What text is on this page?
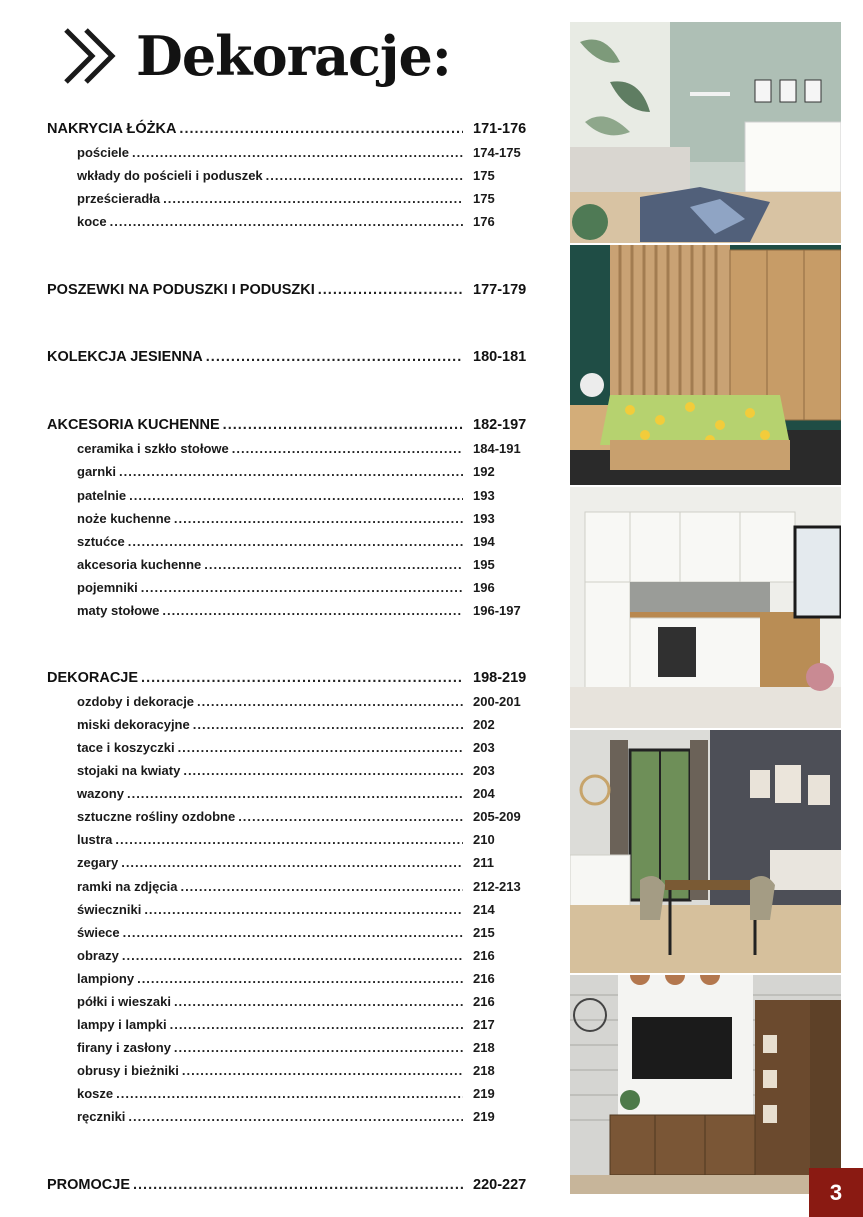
Dekoracje:
NAKRYCIA ŁÓŻKA .....	171-176
pościele .....	174-175
wkłady do pościeli i poduszek .....	175
prześcieradła .....	175
koce .....	176
POSZEWKI NA PODUSZKI I PODUSZKI .....	177-179
KOLEKCJA JESIENNA .....	180-181
AKCESORIA KUCHENNE .....	182-197
ceramika i szkło stołowe .....	184-191
garnki .....	192
patelnie .....	193
noże kuchenne .....	193
sztućce .....	194
akcesoria kuchenne .....	195
pojemniki .....	196
maty stołowe .....	196-197
DEKORACJE .....	198-219
ozdoby i dekoracje .....	200-201
miski dekoracyjne .....	202
tace i koszyczki .....	203
stojaki na kwiaty .....	203
wazony .....	204
sztuczne rośliny ozdobne .....	205-209
lustra .....	210
zegary .....	211
ramki na zdjęcia .....	212-213
świeczniki .....	214
świece .....	215
obrazy .....	216
lampiony .....	216
półki i wieszaki .....	216
lampy i lampki .....	217
firany i zasłony .....	218
obrusy i bieżniki .....	218
kosze .....	219
ręczniki .....	219
PROMOCJE .....	220-227	3
